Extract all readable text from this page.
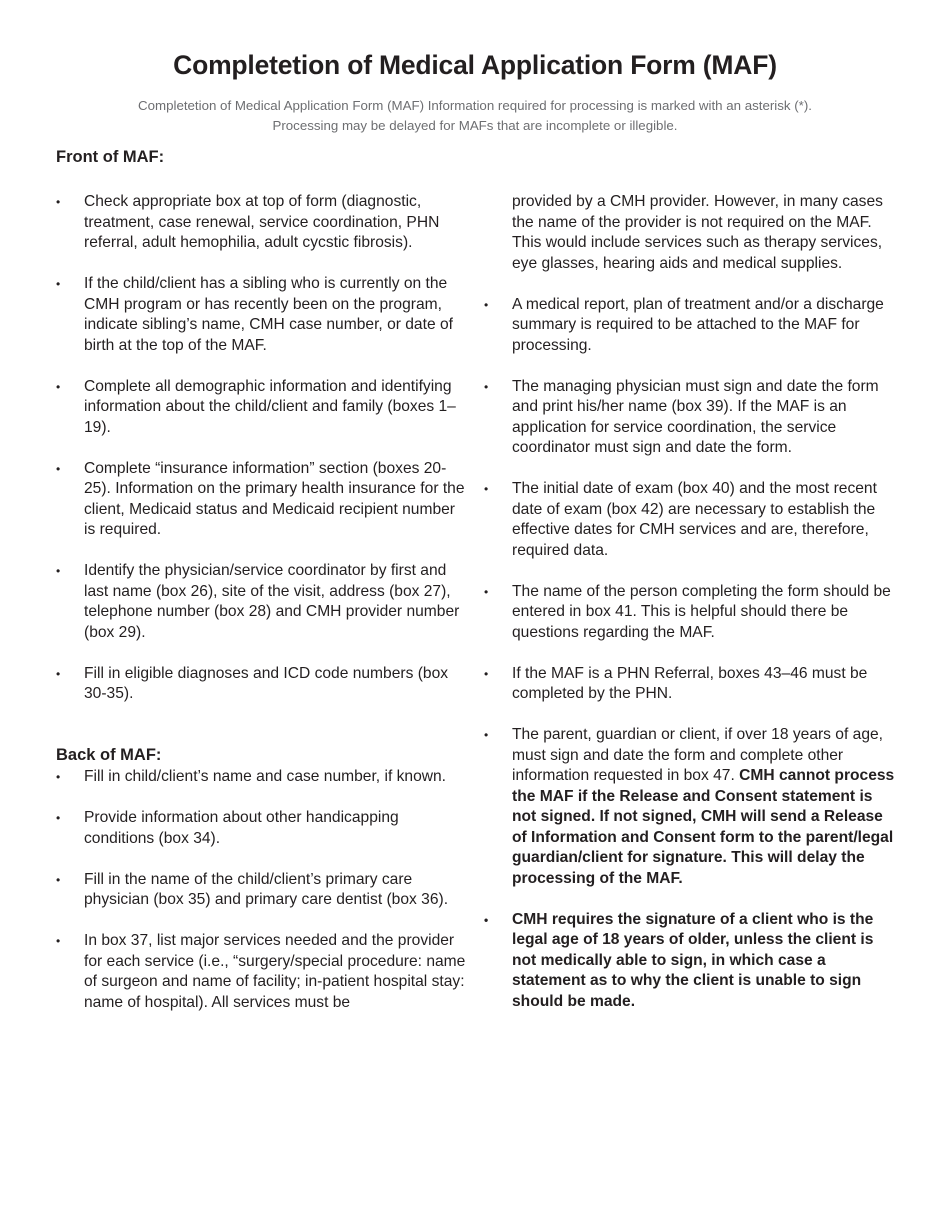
Completetion of Medical Application Form (MAF)

Completetion of Medical Application Form (MAF) Information required for processing is marked with an asterisk (*).
Processing may be delayed for MAFs that are incomplete or illegible.

Front of MAF:
• Check appropriate box at top of form (diagnostic, treatment, case renewal, service coordination, PHN referral, adult hemophilia, adult cycstic fibrosis).
• If the child/client has a sibling who is currently on the CMH program or has recently been on the program, indicate sibling’s name, CMH case number, or date of birth at the top of the MAF.
• Complete all demographic information and identifying information about the child/client and family (boxes 1–19).
• Complete “insurance information” section (boxes 20-25). Information on the primary health insurance for the client, Medicaid status and Medicaid recipient number is required.
• Identify the physician/service coordinator by first and last name (box 26), site of the visit, address (box 27), telephone number (box 28) and CMH provider number (box 29).
• Fill in eligible diagnoses and ICD code numbers (box 30-35).
Back of MAF:
• Fill in child/client’s name and case number, if known.
• Provide information about other handicapping conditions (box 34).
• Fill in the name of the child/client’s primary care physician (box 35) and primary care dentist (box 36).
• In box 37, list major services needed and the provider for each service (i.e., “surgery/special procedure: name of surgeon and name of facility; in-patient hospital stay: name of hospital). All services must be
provided by a CMH provider. However, in many cases the name of the provider is not required on the MAF. This would include services such as therapy services, eye glasses, hearing aids and medical supplies.
• A medical report, plan of treatment and/or a discharge summary is required to be attached to the MAF for processing.
• The managing physician must sign and date the form and print his/her name (box 39). If the MAF is an application for service coordination, the service coordinator must sign and date the form.
• The initial date of exam (box 40) and the most recent date of exam (box 42) are necessary to establish the effective dates for CMH services and are, therefore, required data.
• The name of the person completing the form should be entered in box 41. This is helpful should there be questions regarding the MAF.
• If the MAF is a PHN Referral, boxes 43–46 must be completed by the PHN.
• The parent, guardian or client, if over 18 years of age, must sign and date the form and complete other information requested in box 47. CMH cannot process the MAF if the Release and Consent statement is not signed. If not signed, CMH will send a Release of Information and Consent form to the parent/legal guardian/client for signature. This will delay the processing of the MAF.
• CMH requires the signature of a client who is the legal age of 18 years of older, unless the client is not medically able to sign, in which case a statement as to why the client is unable to sign should be made.
